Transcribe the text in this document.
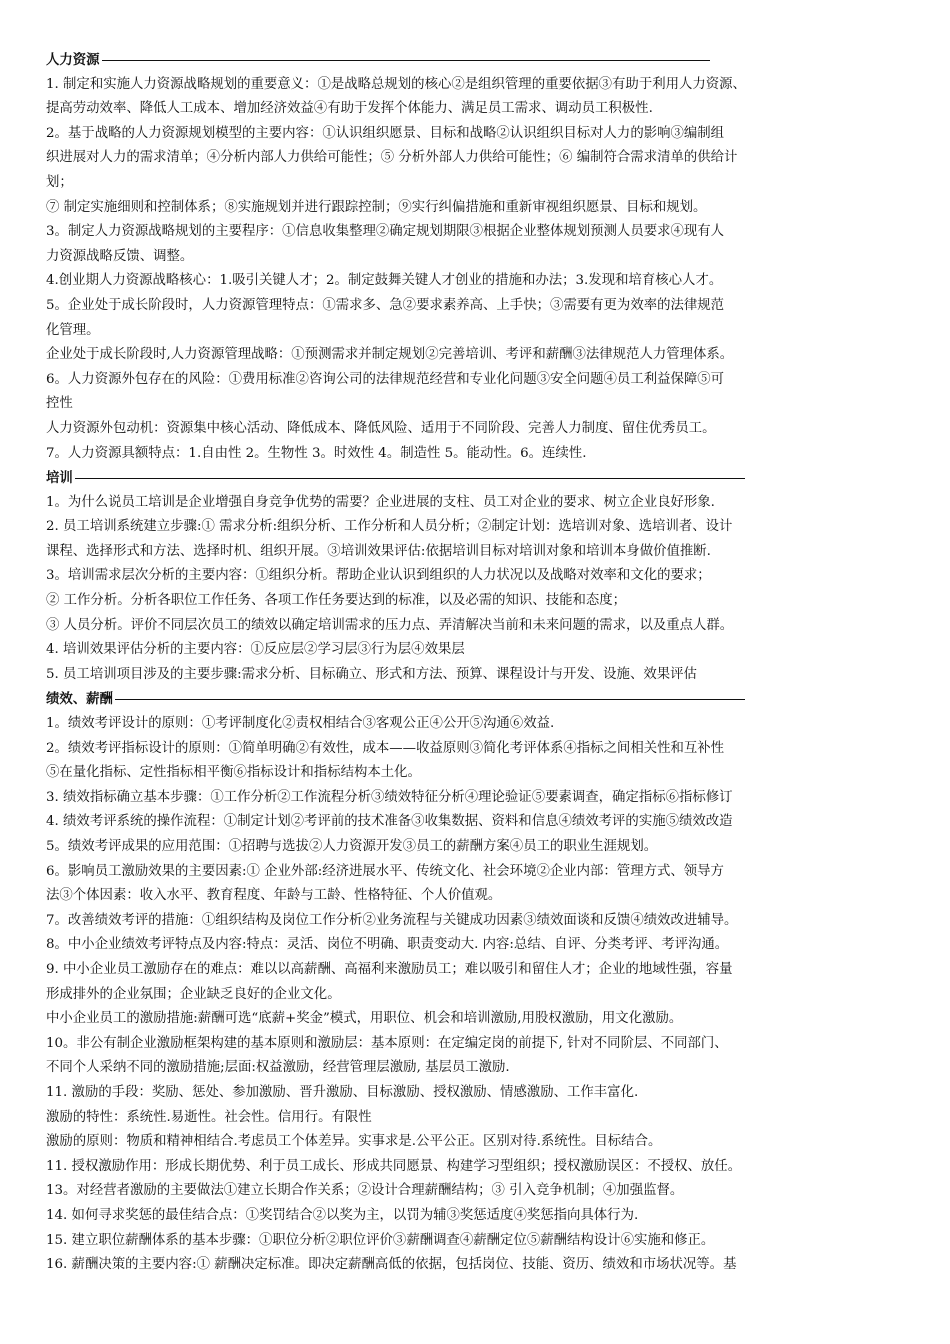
人力资源
1. 制定和实施人力资源战略规划的重要意义：①是战略总规划的核心②是组织管理的重要依据③有助于利用人力资源、
提高劳动效率、降低人工成本、增加经济效益④有助于发挥个体能力、满足员工需求、调动员工积极性.
2。基于战略的人力资源规划模型的主要内容：①认识组织愿景、目标和战略②认识组织目标对人力的影响③编制组
织进展对人力的需求清单；④分析内部人力供给可能性；⑤ 分析外部人力供给可能性；⑥ 编制符合需求清单的供给计
划；
⑦ 制定实施细则和控制体系；⑧实施规划并进行跟踪控制；⑨实行纠偏措施和重新审视组织愿景、目标和规划。
3。制定人力资源战略规划的主要程序：①信息收集整理②确定规划期限③根据企业整体规划预测人员要求④现有人
力资源战略反馈、调整。
4.创业期人力资源战略核心：1.吸引关键人才；2。制定鼓舞关键人才创业的措施和办法；3.发现和培育核心人才。
5。企业处于成长阶段时，人力资源管理特点：①需求多、急②要求素养高、上手快；③需要有更为效率的法律规范
化管理。
企业处于成长阶段时,人力资源管理战略：①预测需求并制定规划②完善培训、考评和薪酬③法律规范人力管理体系。
6。人力资源外包存在的风险：①费用标准②咨询公司的法律规范经营和专业化问题③安全问题④员工利益保障⑤可
控性
人力资源外包动机：资源集中核心活动、降低成本、降低风险、适用于不同阶段、完善人力制度、留住优秀员工。
7。人力资源具额特点：1.自由性 2。生物性 3。时效性 4。制造性 5。能动性。6。连续性.
培训
1。为什么说员工培训是企业增强自身竞争优势的需要？企业进展的支柱、员工对企业的要求、树立企业良好形象.
2. 员工培训系统建立步骤:① 需求分析:组织分析、工作分析和人员分析；②制定计划：选培训对象、选培训者、设计
课程、选择形式和方法、选择时机、组织开展。③培训效果评估:依据培训目标对培训对象和培训本身做价值推断.
3。培训需求层次分析的主要内容：①组织分析。帮助企业认识到组织的人力状况以及战略对效率和文化的要求；
② 工作分析。分析各职位工作任务、各项工作任务要达到的标准，以及必需的知识、技能和态度；
③ 人员分析。评价不同层次员工的绩效以确定培训需求的压力点、弄清解决当前和未来问题的需求，以及重点人群。
4. 培训效果评估分析的主要内容：①反应层②学习层③行为层④效果层
5. 员工培训项目涉及的主要步骤:需求分析、目标确立、形式和方法、预算、课程设计与开发、设施、效果评估
绩效、薪酬
1。绩效考评设计的原则：①考评制度化②责权相结合③客观公正④公开⑤沟通⑥效益.
2。绩效考评指标设计的原则：①简单明确②有效性，成本——收益原则③简化考评体系④指标之间相关性和互补性
⑤在量化指标、定性指标相平衡⑥指标设计和指标结构本土化。
3. 绩效指标确立基本步骤：①工作分析②工作流程分析③绩效特征分析④理论验证⑤要素调查，确定指标⑥指标修订
4. 绩效考评系统的操作流程：①制定计划②考评前的技术准备③收集数据、资料和信息④绩效考评的实施⑤绩效改造
5。绩效考评成果的应用范围：①招聘与选拔②人力资源开发③员工的薪酬方案④员工的职业生涯规划。
6。影响员工激励效果的主要因素:① 企业外部:经济进展水平、传统文化、社会环境②企业内部：管理方式、领导方
法③个体因素：收入水平、教育程度、年龄与工龄、性格特征、个人价值观。
7。改善绩效考评的措施：①组织结构及岗位工作分析②业务流程与关键成功因素③绩效面谈和反馈④绩效改进辅导。
8。中小企业绩效考评特点及内容:特点：灵活、岗位不明确、职责变动大. 内容:总结、自评、分类考评、考评沟通。
9. 中小企业员工激励存在的难点：难以以高薪酬、高福利来激励员工；难以吸引和留住人才；企业的地域性强，容量
形成排外的企业氛围；企业缺乏良好的企业文化。
中小企业员工的激励措施:薪酬可选“底薪+奖金”模式，用职位、机会和培训激励,用股权激励，用文化激励。
10。非公有制企业激励框架构建的基本原则和激励层：基本原则：在定编定岗的前提下, 针对不同阶层、不同部门、
不同个人采纳不同的激励措施;层面:权益激励，经营管理层激励, 基层员工激励.
11. 激励的手段：奖励、惩处、参加激励、晋升激励、目标激励、授权激励、情感激励、工作丰富化.
激励的特性：系统性.易逝性。社会性。信用行。有限性
激励的原则：物质和精神相结合.考虑员工个体差异。实事求是.公平公正。区别对待.系统性。目标结合。
11. 授权激励作用：形成长期优势、利于员工成长、形成共同愿景、构建学习型组织；授权激励误区：不授权、放任。
13。对经营者激励的主要做法①建立长期合作关系；②设计合理薪酬结构；③ 引入竞争机制；④加强监督。
14. 如何寻求奖惩的最佳结合点：①奖罚结合②以奖为主，以罚为辅③奖惩适度④奖惩指向具体行为.
15. 建立职位薪酬体系的基本步骤：①职位分析②职位评价③薪酬调查④薪酬定位⑤薪酬结构设计⑥实施和修正。
16. 薪酬决策的主要内容:① 薪酬决定标准。即决定薪酬高低的依据，包括岗位、技能、资历、绩效和市场状况等。基
